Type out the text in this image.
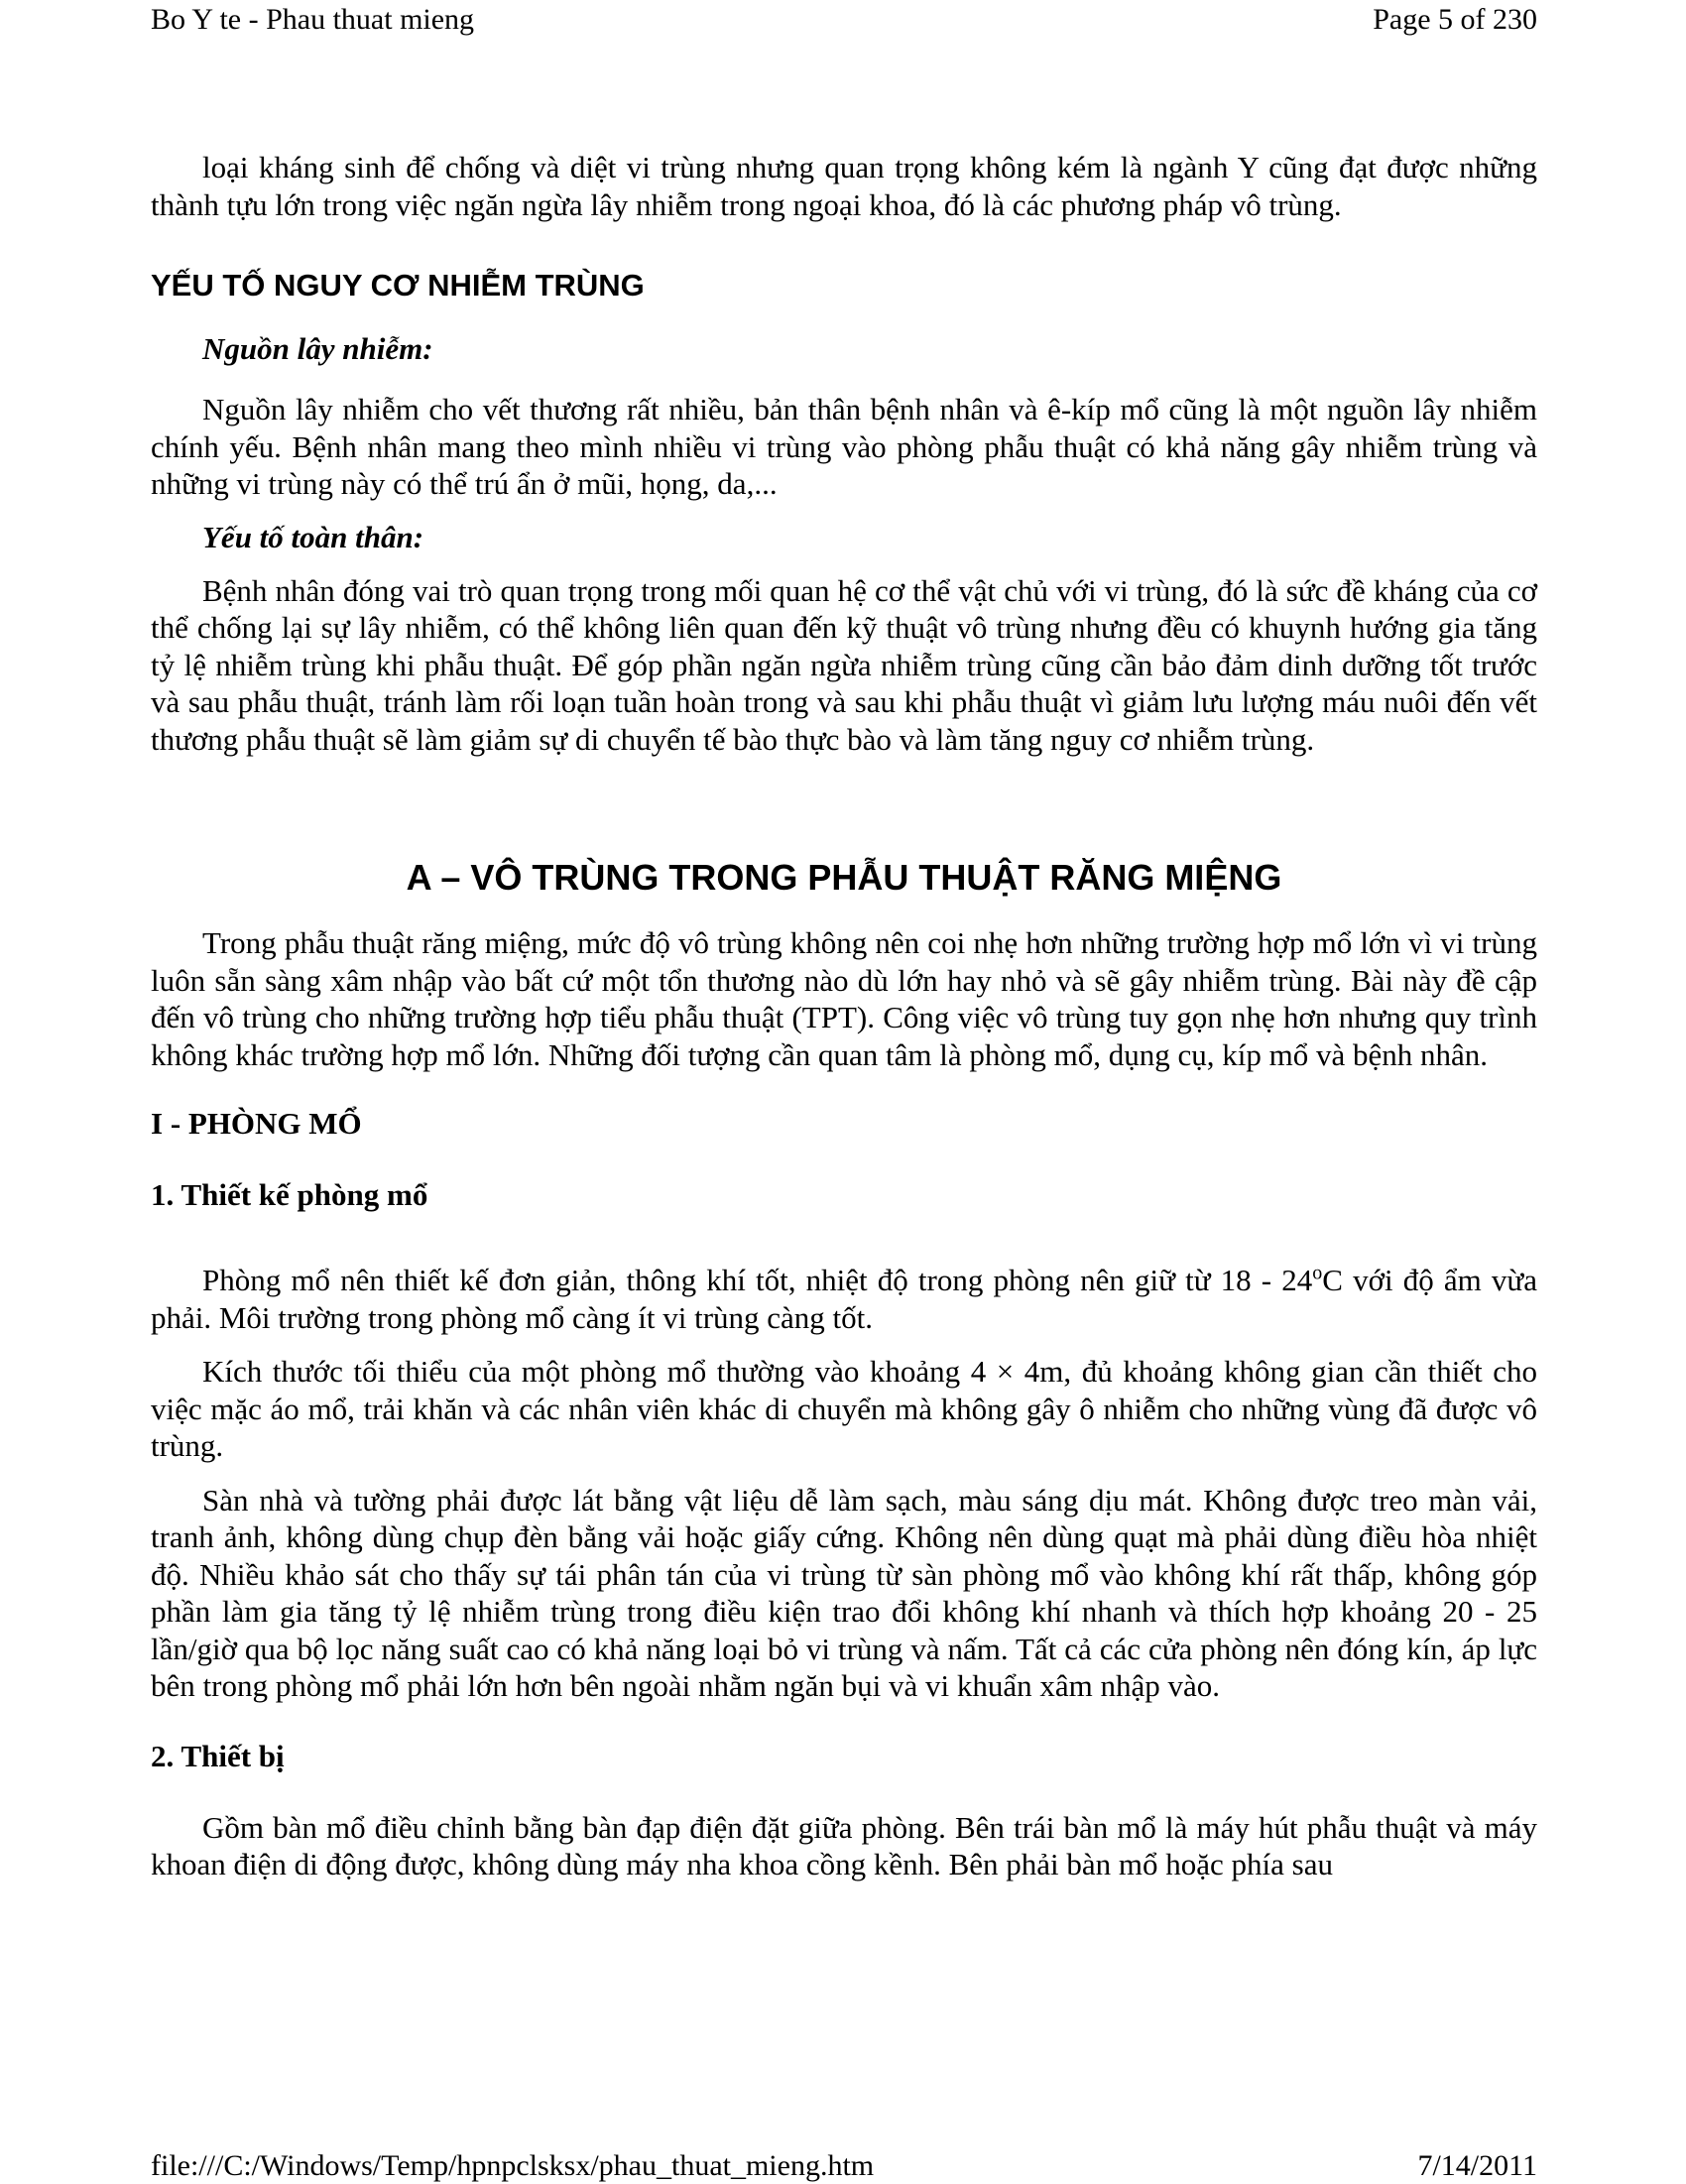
Bo Y te - Phau thuat mieng	Page 5 of 230

loại kháng sinh để chống và diệt vi trùng nhưng quan trọng không kém là ngành Y cũng đạt được những thành tựu lớn trong việc ngăn ngừa lây nhiễm trong ngoại khoa, đó là các phương pháp vô trùng.

YẾU TỐ NGUY CƠ NHIỄM TRÙNG
Nguồn lây nhiễm:

Nguồn lây nhiễm cho vết thương rất nhiều, bản thân bệnh nhân và ê-kíp mổ cũng là một nguồn lây nhiễm chính yếu. Bệnh nhân mang theo mình nhiều vi trùng vào phòng phẫu thuật có khả năng gây nhiễm trùng và những vi trùng này có thể trú ẩn ở mũi, họng, da,...

Yếu tố toàn thân:

Bệnh nhân đóng vai trò quan trọng trong mối quan hệ cơ thể vật chủ với vi trùng, đó là sức đề kháng của cơ thể chống lại sự lây nhiễm, có thể không liên quan đến kỹ thuật vô trùng nhưng đều có khuynh hướng gia tăng tỷ lệ nhiễm trùng khi phẫu thuật. Để góp phần ngăn ngừa nhiễm trùng cũng cần bảo đảm dinh dưỡng tốt trước và sau phẫu thuật, tránh làm rối loạn tuần hoàn trong và sau khi phẫu thuật vì giảm lưu lượng máu nuôi đến vết thương phẫu thuật sẽ làm giảm sự di chuyển tế bào thực bào và làm tăng nguy cơ nhiễm trùng.

A – VÔ TRÙNG TRONG PHẪU THUẬT RĂNG MIỆNG

Trong phẫu thuật răng miệng, mức độ vô trùng không nên coi nhẹ hơn những trường hợp mổ lớn vì vi trùng luôn sẵn sàng xâm nhập vào bất cứ một tổn thương nào dù lớn hay nhỏ và sẽ gây nhiễm trùng. Bài này đề cập đến vô trùng cho những trường hợp tiểu phẫu thuật (TPT). Công việc vô trùng tuy gọn nhẹ hơn nhưng quy trình không khác trường hợp mổ lớn. Những đối tượng cần quan tâm là phòng mổ, dụng cụ, kíp mổ và bệnh nhân.

I - PHÒNG MỔ
1. Thiết kế phòng mổ

Phòng mổ nên thiết kế đơn giản, thông khí tốt, nhiệt độ trong phòng nên giữ từ 18 - 24$^o$C với độ ẩm vừa phải. Môi trường trong phòng mổ càng ít vi trùng càng tốt.

Kích thước tối thiểu của một phòng mổ thường vào khoảng 4 × 4m, đủ khoảng không gian cần thiết cho việc mặc áo mổ, trải khăn và các nhân viên khác di chuyển mà không gây ô nhiễm cho những vùng đã được vô trùng.

Sàn nhà và tường phải được lát bằng vật liệu dễ làm sạch, màu sáng dịu mát. Không được treo màn vải, tranh ảnh, không dùng chụp đèn bằng vải hoặc giấy cứng. Không nên dùng quạt mà phải dùng điều hòa nhiệt độ. Nhiều khảo sát cho thấy sự tái phân tán của vi trùng từ sàn phòng mổ vào không khí rất thấp, không góp phần làm gia tăng tỷ lệ nhiễm trùng trong điều kiện trao đổi không khí nhanh và thích hợp khoảng 20 - 25 lần/giờ qua bộ lọc năng suất cao có khả năng loại bỏ vi trùng và nấm. Tất cả các cửa phòng nên đóng kín, áp lực bên trong phòng mổ phải lớn hơn bên ngoài nhằm ngăn bụi và vi khuẩn xâm nhập vào.

2. Thiết bị

Gồm bàn mổ điều chỉnh bằng bàn đạp điện đặt giữa phòng. Bên trái bàn mổ là máy hút phẫu thuật và máy khoan điện di động được, không dùng máy nha khoa cồng kềnh. Bên phải bàn mổ hoặc phía sau

file:///C:/Windows/Temp/hpnpclsksx/phau_thuat_mieng.htm	7/14/2011
